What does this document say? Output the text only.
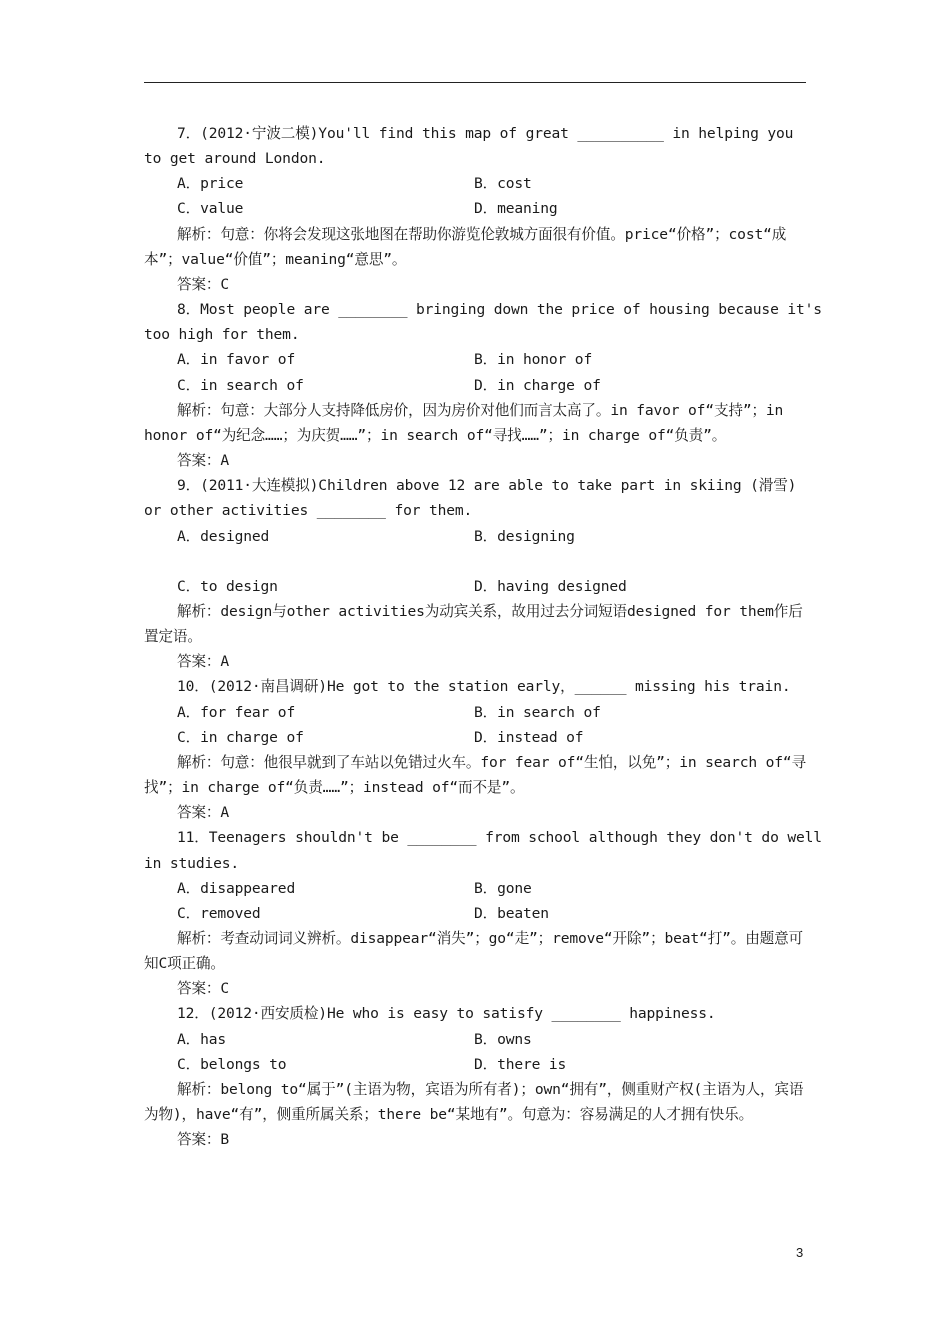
7．(2012·宁波二模)You'll find this map of great __________ in helping you
to get around London.
A．price	B．cost
C．value	D．meaning

解析：句意：你将会发现这张地图在帮助你游览伦敦城方面很有价值。price“价格”；cost“成本”；value“价值”；meaning“意思”。

答案：C
8．Most people are ________ bringing down the price of housing because it's
too high for them.
A．in favor of	B．in honor of
C．in search of	D．in charge of

解析：句意：大部分人支持降低房价，因为房价对他们而言太高了。in favor of“支持”；in honor of“为纪念……；为庆贺……”；in search of“寻找……”；in charge of“负责”。

答案：A
9．(2011·大连模拟)Children above 12 are able to take part in skiing (滑雪)
or other activities ________ for them.
A．designed	B．designing
C．to design	D．having designed

解析：design与other activities为动宾关系，故用过去分词短语designed for them作后置定语。

答案：A
10．(2012·南昌调研)He got to the station early，______ missing his train.
A．for fear of	B．in search of
C．in charge of	D．instead of

解析：句意：他很早就到了车站以免错过火车。for fear of“生怕，以免”；in search of“寻找”；in charge of“负责……”；instead of“而不是”。

答案：A
11．Teenagers shouldn't be ________ from school although they don't do well
in studies.
A．disappeared	B．gone
C．removed	D．beaten

解析：考查动词词义辨析。disappear“消失”；go“走”；remove“开除”；beat“打”。由题意可知C项正确。

答案：C
12．(2012·西安质检)He who is easy to satisfy ________ happiness.
A．has	B．owns
C．belongs to	D．there is

解析：belong to“属于”(主语为物，宾语为所有者)；own“拥有”，侧重财产权(主语为人，宾语为物)，have“有”，侧重所属关系；there be“某地有”。句意为：容易满足的人才拥有快乐。

答案：B
3
